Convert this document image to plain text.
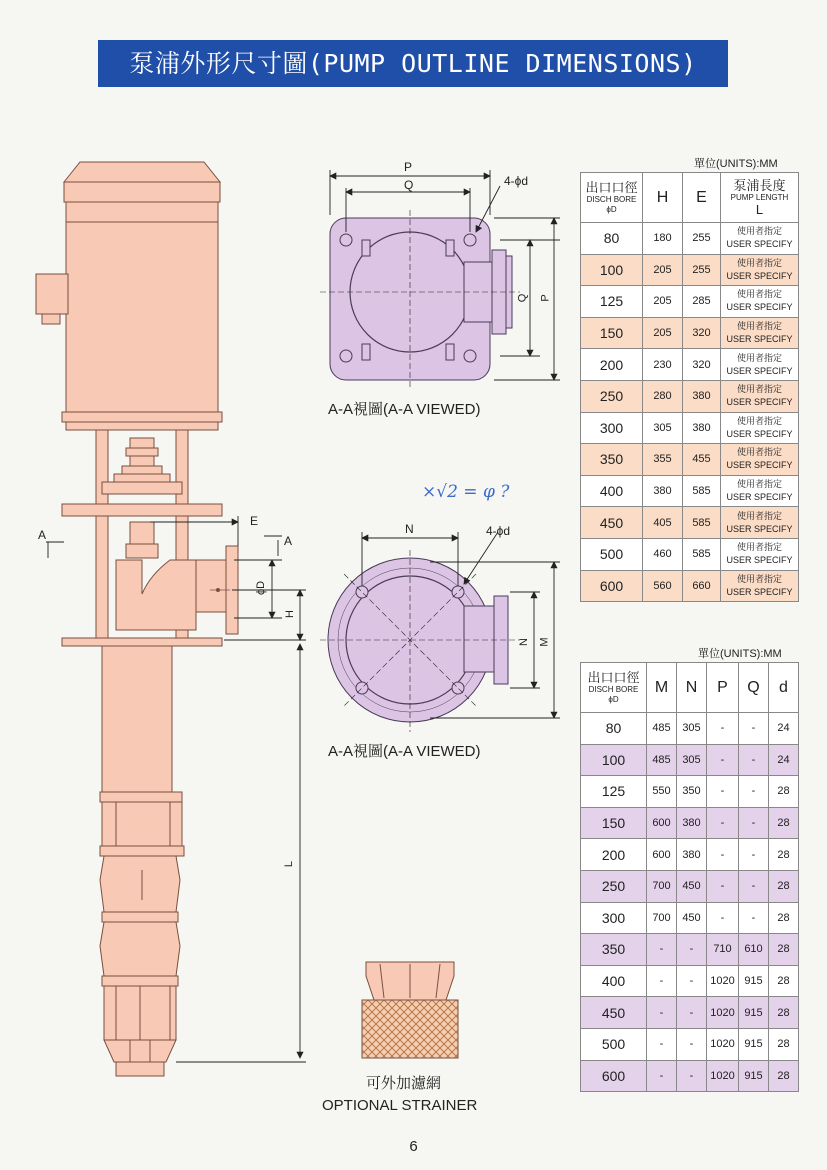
泵浦外形尺寸圖(PUMP OUTLINE DIMENSIONS)
P
Q	4-ϕd
Q P
A-A視圖(A-A VIEWED)
N	4-ϕd
N M
A-A視圖(A-A VIEWED)
A	A
E
ϕD
H
L
可外加濾網
OPTIONAL STRAINER
×√2 = φ ?
單位(UNITS):MM
出口口徑
DISCH BORE
ϕD	H	E	泵浦長度
PUMP LENGTH
L

80	180	255	使用者指定
USER SPECIFY

100	205	255	使用者指定
USER SPECIFY

125	205	285	使用者指定
USER SPECIFY

150	205	320	使用者指定
USER SPECIFY

200	230	320	使用者指定
USER SPECIFY

250	280	380	使用者指定
USER SPECIFY

300	305	380	使用者指定
USER SPECIFY

350	355	455	使用者指定
USER SPECIFY

400	380	585	使用者指定
USER SPECIFY

450	405	585	使用者指定
USER SPECIFY

500	460	585	使用者指定
USER SPECIFY

600	560	660	使用者指定
USER SPECIFY
單位(UNITS):MM
出口口徑
DISCH BORE
ϕD	M	N	P	Q	d
80	485	305	-	-	24
100	485	305	-	-	24
125	550	350	-	-	28
150	600	380	-	-	28
200	600	380	-	-	28
250	700	450	-	-	28
300	700	450	-	-	28
350	-	-	710	610	28
400	-	-	1020	915	28
450	-	-	1020	915	28
500	-	-	1020	915	28
600	-	-	1020	915	28
6
